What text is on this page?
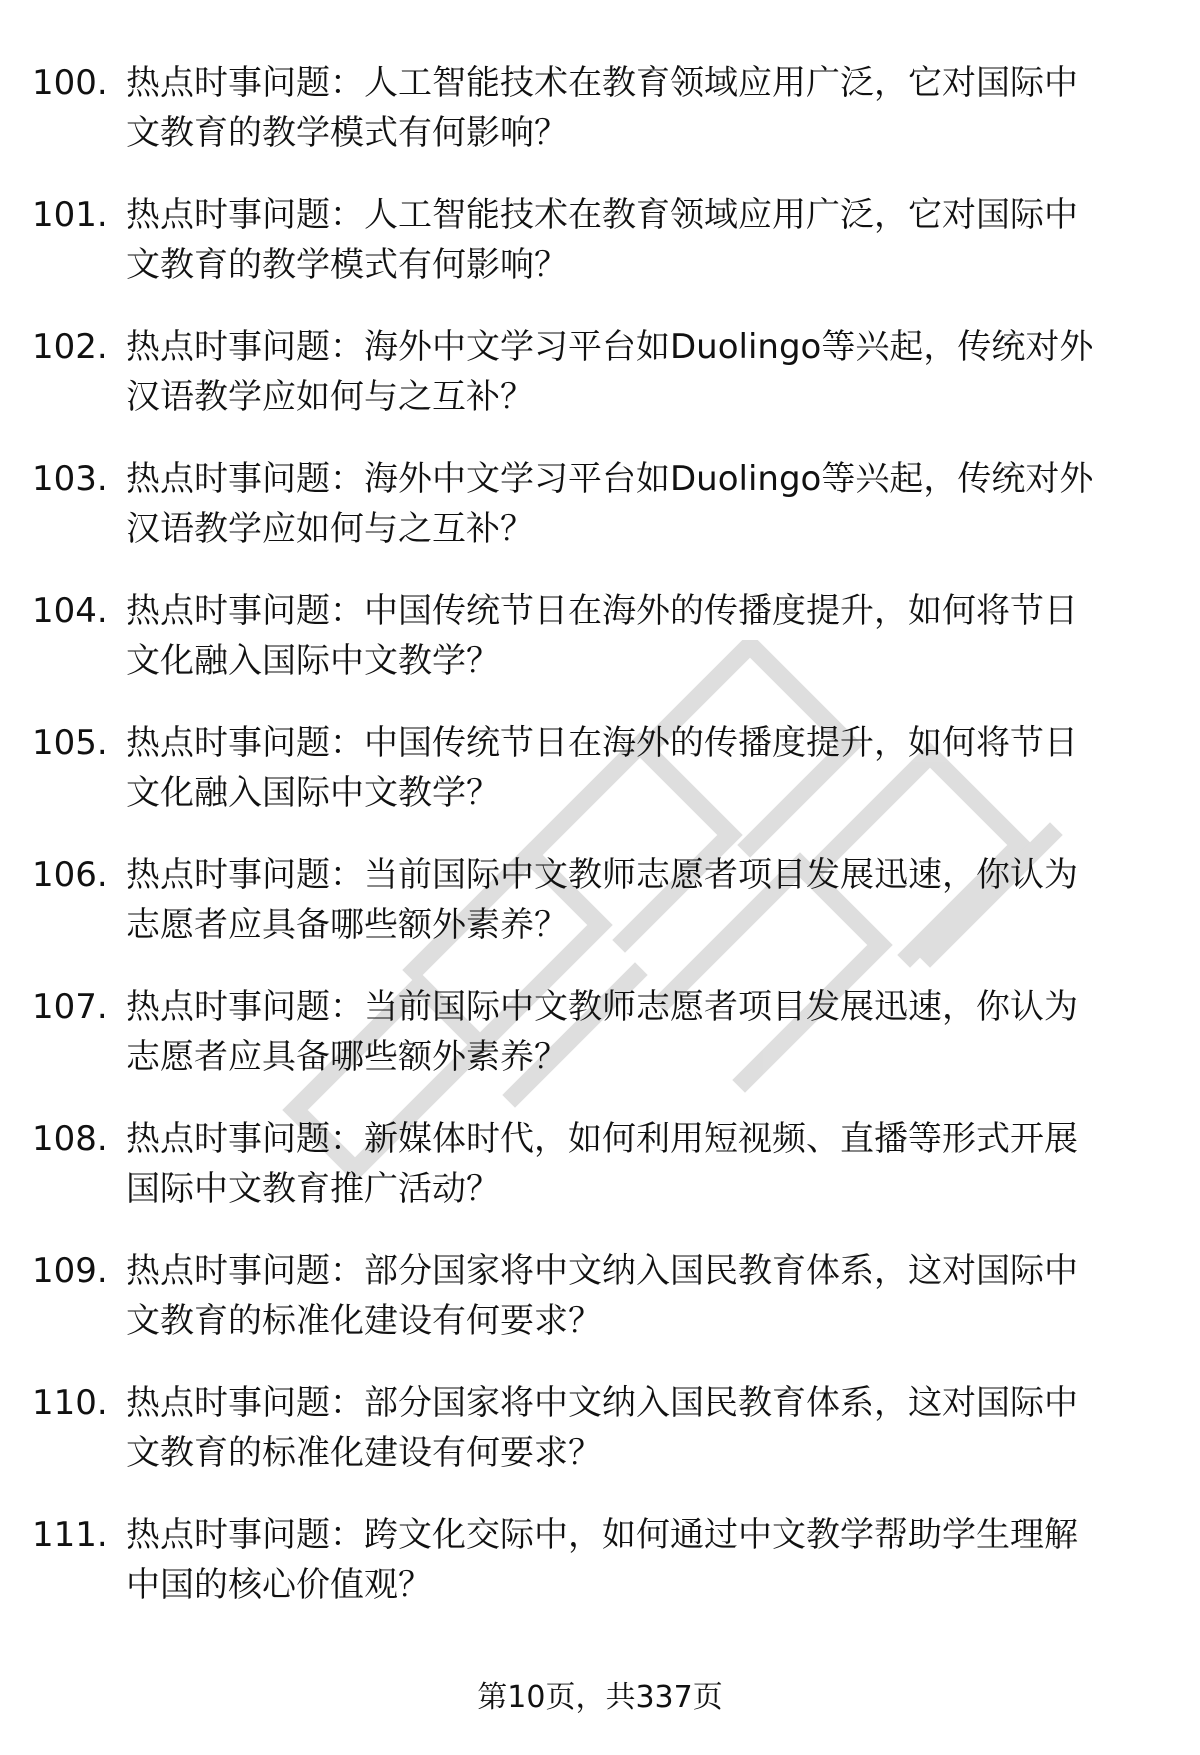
100. 热点时事问题：人工智能技术在教育领域应用广泛，它对国际中
文教育的教学模式有何影响？
101. 热点时事问题：人工智能技术在教育领域应用广泛，它对国际中
文教育的教学模式有何影响？
102. 热点时事问题：海外中文学习平台如Duolingo等兴起，传统对外
汉语教学应如何与之互补？
103. 热点时事问题：海外中文学习平台如Duolingo等兴起，传统对外
汉语教学应如何与之互补？
104. 热点时事问题：中国传统节日在海外的传播度提升，如何将节日
文化融入国际中文教学？
105. 热点时事问题：中国传统节日在海外的传播度提升，如何将节日
文化融入国际中文教学？
106. 热点时事问题：当前国际中文教师志愿者项目发展迅速，你认为
志愿者应具备哪些额外素养？
107. 热点时事问题：当前国际中文教师志愿者项目发展迅速，你认为
志愿者应具备哪些额外素养？
108. 热点时事问题：新媒体时代，如何利用短视频、直播等形式开展
国际中文教育推广活动？
109. 热点时事问题：部分国家将中文纳入国民教育体系，这对国际中
文教育的标准化建设有何要求？
110. 热点时事问题：部分国家将中文纳入国民教育体系，这对国际中
文教育的标准化建设有何要求？
111. 热点时事问题：跨文化交际中，如何通过中文教学帮助学生理解
中国的核心价值观？
第10页，共337页
